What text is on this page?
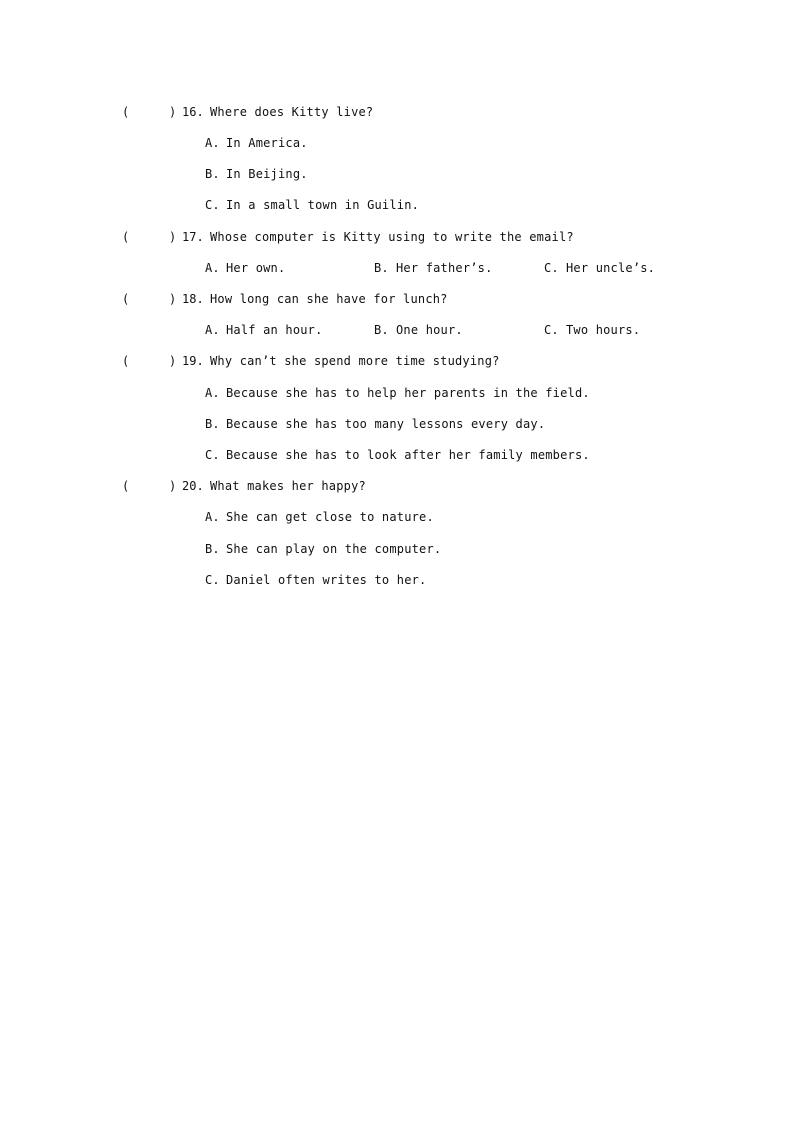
(	) 16. Where does Kitty live?
A. In America.
B. In Beijing.
C. In a small town in Guilin.
(	) 17. Whose computer is Kitty using to write the email?
A. Her own.	B. Her father’s.	C. Her uncle’s.
(	) 18. How long can she have for lunch?
A. Half an hour.	B. One hour.	C. Two hours.
(	) 19. Why can’t she spend more time studying?
A. Because she has to help her parents in the field.
B. Because she has too many lessons every day.
C. Because she has to look after her family members.
(	) 20. What makes her happy?
A. She can get close to nature.
B. She can play on the computer.
C. Daniel often writes to her.
